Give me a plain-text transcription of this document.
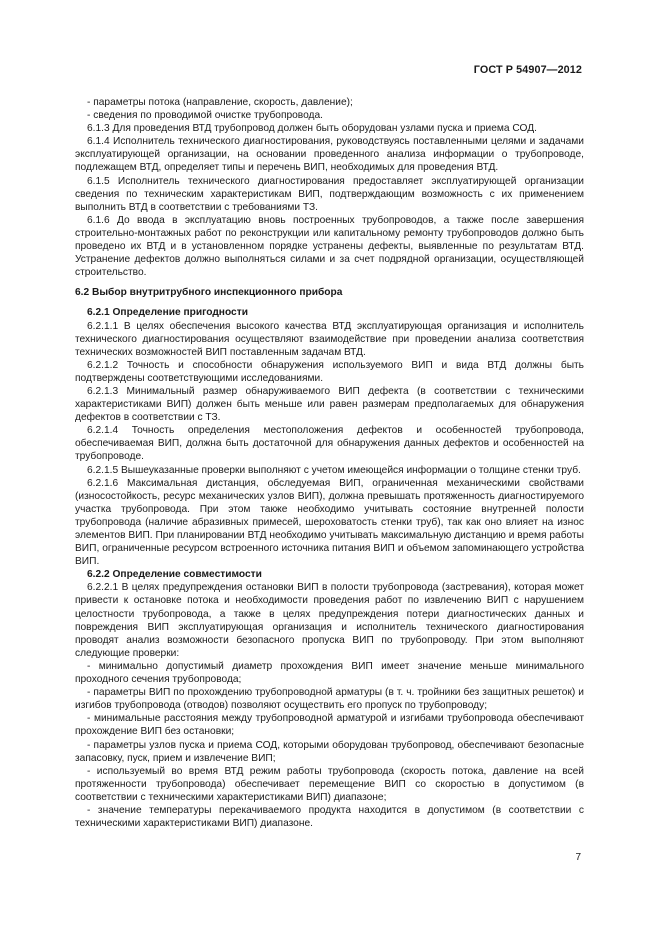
ГОСТ Р 54907—2012

- параметры потока (направление, скорость, давление);

- сведения по проводимой очистке трубопровода.

6.1.3 Для проведения ВТД трубопровод должен быть оборудован узлами пуска и приема СОД.

6.1.4 Исполнитель технического диагностирования, руководствуясь поставленными целями и задачами эксплуатирующей организации, на основании проведенного анализа информации о трубопроводе, подлежащем ВТД, определяет типы и перечень ВИП, необходимых для проведения ВТД.

6.1.5 Исполнитель технического диагностирования предоставляет эксплуатирующей организации сведения по техническим характеристикам ВИП, подтверждающим возможность с их применением выполнить ВТД в соответствии с требованиями ТЗ.

6.1.6 До ввода в эксплуатацию вновь построенных трубопроводов, а также после завершения строительно-монтажных работ по реконструкции или капитальному ремонту трубопроводов должно быть проведено их ВТД и в установленном порядке устранены дефекты, выявленные по результатам ВТД. Устранение дефектов должно выполняться силами и за счет подрядной организации, осуществляющей строительство.

6.2 Выбор внутритрубного инспекционного прибора

6.2.1 Определение пригодности

6.2.1.1 В целях обеспечения высокого качества ВТД эксплуатирующая организация и исполнитель технического диагностирования осуществляют взаимодействие при проведении анализа соответствия технических возможностей ВИП поставленным задачам ВТД.

6.2.1.2 Точность и способности обнаружения используемого ВИП и вида ВТД должны быть подтверждены соответствующими исследованиями.

6.2.1.3 Минимальный размер обнаруживаемого ВИП дефекта (в соответствии с техническими характеристиками ВИП) должен быть меньше или равен размерам предполагаемых для обнаружения дефектов в соответствии с ТЗ.

6.2.1.4 Точность определения местоположения дефектов и особенностей трубопровода, обеспечиваемая ВИП, должна быть достаточной для обнаружения данных дефектов и особенностей на трубопроводе.

6.2.1.5 Вышеуказанные проверки выполняют с учетом имеющейся информации о толщине стенки труб.

6.2.1.6 Максимальная дистанция, обследуемая ВИП, ограниченная механическими свойствами (износостойкость, ресурс механических узлов ВИП), должна превышать протяженность диагностируемого участка трубопровода. При этом также необходимо учитывать состояние внутренней полости трубопровода (наличие абразивных примесей, шероховатость стенки труб), так как оно влияет на износ элементов ВИП. При планировании ВТД необходимо учитывать максимальную дистанцию и время работы ВИП, ограниченные ресурсом встроенного источника питания ВИП и объемом запоминающего устройства ВИП.

6.2.2 Определение совместимости

6.2.2.1 В целях предупреждения остановки ВИП в полости трубопровода (застревания), которая может привести к остановке потока и необходимости проведения работ по извлечению ВИП с нарушением целостности трубопровода, а также в целях предупреждения потери диагностических данных и повреждения ВИП эксплуатирующая организация и исполнитель технического диагностирования проводят анализ возможности безопасного пропуска ВИП по трубопроводу. При этом выполняют следующие проверки:

- минимально допустимый диаметр прохождения ВИП имеет значение меньше минимального проходного сечения трубопровода;

- параметры ВИП по прохождению трубопроводной арматуры (в т. ч. тройники без защитных решеток) и изгибов трубопровода (отводов) позволяют осуществить его пропуск по трубопроводу;

- минимальные расстояния между трубопроводной арматурой и изгибами трубопровода обеспечивают прохождение ВИП без остановки;

- параметры узлов пуска и приема СОД, которыми оборудован трубопровод, обеспечивают безопасные запасовку, пуск, прием и извлечение ВИП;

- используемый во время ВТД режим работы трубопровода (скорость потока, давление на всей протяженности трубопровода) обеспечивает перемещение ВИП со скоростью в допустимом (в соответствии с техническими характеристиками ВИП) диапазоне;

- значение температуры перекачиваемого продукта находится в допустимом (в соответствии с техническими характеристиками ВИП) диапазоне.

7
